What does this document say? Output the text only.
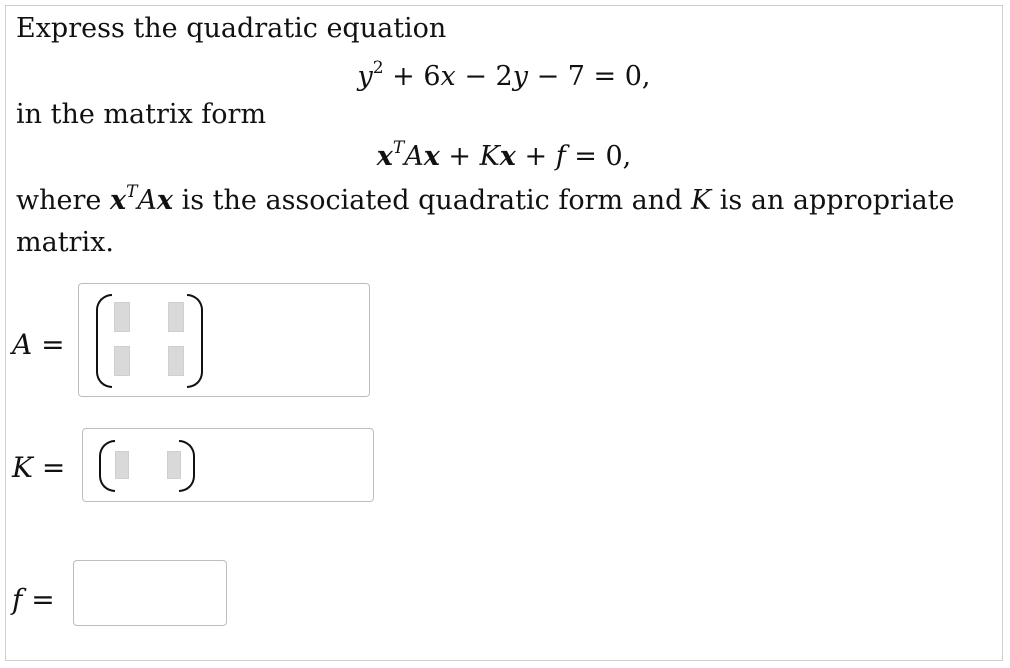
Express the quadratic equation
$y^2 + 6x - 2y - 7 = 0$,
in the matrix form
$x^TAx + Kx + f = 0$,
where $x^TAx$ is the associated quadratic form and K is an appropriate
matrix.
A =
K =
f =
